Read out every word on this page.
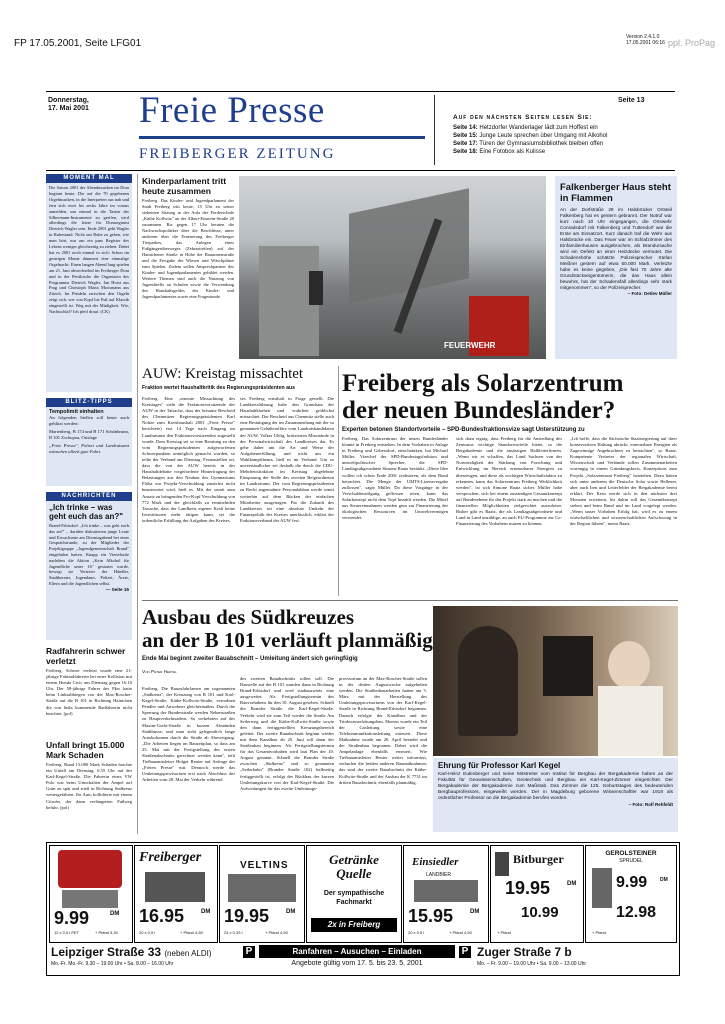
FP 17.05.2001, Seite LFG01
Version 2.4.1.0
17.05.2001 06:16 ppl. ProPag
Donnerstag,
17. Mai 2001 Freie Presse
FREIBERGER ZEITUNG
Seite 13
Auf den nächsten Seiten lesen Sie:
Seite 14: Hetzdorfer Wanderlager lädt zum Hoffest ein
Seite 15: Junge Leute sprechen über Umgang mit Alkohol
Seite 17: Türen der Gymnasiumsbibliothek bleiben offen
Seite 18: Eine Fotobox als Kulisse
MOMENT MAL
Die Saison 2001 der Abendmusiken im Dom beginnt heute. Die auf die 70 gegebenen Orgelmusiken, in die Interpreten aus nah und fern sich zwei bis sechs Jahre im voraus anmelden, um einmal in die Tasten der Silbermann-Instrumente zu greifen, wird allerdings die letzte für Domorganist Dietrich Wagler sein. Ende 2001 geht Wagler in Ruhestand. Nicht um Ruhe zu geben, wie man hört, nur um ein paar Register des Lebens weniger gleichzeitig zu ziehen. Dabei hat es 2001 noch einmal in sich: Schon im gestrigen Monat dämmert eine einmalige Orgelnacht: Einen langen Abend lang spielen am 21. Juni abwechselnd im Freiberger Dom und in der Petrikirche die Organisten des Programms Dietrich Wagler, Jan Horst aus Prag und Christoph Maria Moosmann aus Zürich. Im Pendeln zwischen den Orgeln zeigt sich, wer von Kopf bis Fuß auf Klassik eingestellt ist. Weg mit der Müdigkeit. Wie, Nachtschlaf? Ich pfeif drauf. (CK)
BLITZ-TIPPS
Tempolimit einhalten
An folgenden Stellen soll heute auch geblitzt werden:
Marienberg, B 174 und B 171 Schönbrunn, B 101 Zschopau, Ortslage
„Freie Presse", Polizei und Landratsamt wünschen allzeit gute Fahrt.
NACHRICHTEN
„Ich trinke – was geht euch das an?"
Brand-Erbisdorf. „Ich trinke – was geht euch das an?" – darüber diskutierten junge Leute und Erwachsene am Dienstagabend bei einer Gesprächsrunde, zu der Mitglieder der Projektgruppe „Jugendgemeinschaft Brand" eingeladen hatten. Knapp ein Viertelseite nachdem die Aktion „Kein Alkohol für Jugendliche unter 16" gestartet wurde, bewegt sie Vertreter der Händler, Stadtberater, Jugendamt, Polizei, Ärzte, Eltern und die Jugendlichen selbst.
— Seite 15
Radfahrerin schwer verletzt
Freiberg. Schwer verletzt wurde eine 21-jährige Fahrradfahrerin bei einer Kollision mit einem Honda Civic am Dienstag gegen 16.10 Uhr. Der 58-jährige Fahrer des Pkw hatte beim Linksabbiegen von der Max-Roscher-Straße auf die B 101 in Richtung Hainichen die von links kommende Radfahrerin nicht beachtet. (pol)
Unfall bringt 15.000 Mark Schaden
Freiberg. Rund 15.000 Mark Schaden brachte ein Unfall am Dienstag, 6.55 Uhr auf der Karl-Kegel-Straße. Die Fahrerin eines VW Polo war beim Umschalten der Ampel auf Grün zu spät und stieß in Richtung Südkreuz weitergefahren. Ihr Auto kollidierte mit einem Citroën, der dann verlängerten Fußweg befuhr. (pol)
Kinderparlament tritt heute zusammen
Freiberg. Das Kinder- und Jugendparlament der Stadt Freiberg tritt heute, 15 Uhr zu seiner siebenten Sitzung in der Aula der Förderschule „Käthe Kollwitz" an der Albert-Einstein-Straße 20 zusammen. Bis gegen 17 Uhr beraten die Nachwuchspolitiker über die Beschlüsse, unter anderem über die Erneuerung des Freiberger Tierparkes, das Anlegen eines Fußgängerüberweges (Zebrastreifen) auf der Hainichener Straße in Höhe der Bauarmenstraße und die Freigabe der Wiesen und Wäschplätze zum Spielen. Zudem sollen Ansprechpartner des Kinder- und Jugendparlamentes gebildet werden. Weitere Themen sind auch die Nutzung von Jugendtreffs an Schulen sowie die Verwendung des Haushaltsgeldes des Kinder- und Jugendparlamentes sowie eine Fragestunde.
FEUERWEHR
Falkenberger Haus steht in Flammen
An der Dorfstraße 28 im Halsbrücker Ortsteil Falkenberg hat es gestern gebrannt. Der Notruf war kurz nach 10 Uhr eingegangen, die Ortswehr Conradsdorf mit Falkenberg und Tuttendorf war die Erste am Einsatzort. Kurz danach traf die Wehr aus Halsbrücke ein. Das Feuer war im Schlafzimmer des Einfamilienhauses ausgebrochen, als Brandursache wird ein Defekt an einer Heizdecke vermutet. Die Schadenshöhe schätzte Polizeisprecher Stefan Meißner gestern auf etwa 50.000 Mark. Verletzte habe es keine gegeben, „Die fast 70 Jahre alte Grundstückseigentümerin, die das Haus allein bewohnt, hat der Schadensfall allerdings sehr stark mitgenommen", so der Polizeisprecher.
– Foto: Detlev Müller
AUW: Kreistag missachtet
Fraktion wertet Haushaltkritik des Regierungspräsidenten aus
Freiberg. Eine „erneute Missachtung des Kreistages" sieht die Fraktionsvorsitzende der AUW in der Tatsache, dass der brisante Bescheid des Chemnitzer Regierungspräsidenten Karl Noltze zum Kreishaushalt 2001 „Freie Presse" berichtete) erst 14 Tage nach Eingang im Landratsamt den Fraktionsvorsitzenden zugestellt wurde. Dem Kreistag sei so eine Beratung zu den vom Regierungspräsidenten aufgeworfenen Schwerpunkten unmöglich gemacht worden, so teilte der Verband am Dienstag. Festzustellen sei, dass die von der AUW bereits in der Haushaltdebatte vorgeforderte Hinterfragung der Belastungen aus den Neubau des Gymnasiums Flöha zur Projekt-Verschuldung zunächst nicht beantwortet wird, hieß es. Mit der somit zum Ansatz zu bringenden Pro-Kopf Verschuldung von 772 Mark und der gleichfalls zu ermittelnden Tatsache, dass der Landkreis eigener Kraft keine Investitionen mehr tätigen kann, sei die ordentliche Erfüllung der Aufgaben des Kreises
ses Freiberg ernsthaft in Frage gestellt. Die Landkreisführung habe den Grundsatz der Haushaltklarheit und -wahrheit gröblichst missachtet. Der Bescheid aus Chemnitz stelle auch eine Bestätigung der im Zusammenhang mit der so genannten Gehälteraffäre vom Landratskandidaten der AUW, Volker Uhlig, kritisierten Missstände in der Personalwirtschaft des Landkreises dar. Es gehe daher um die Art und Weise der Aufgabenerfüllung, und nicht um ein Wahlkampfthema, hieß es im Verband. Um so unverständlicher sei deshalb die durch die CDU-Mehrheitsfraktion im Kreistag abgelehnte Einsparung der Stelle des zweiten Beigeordneten im Landratsamt. Der vom Regierungspräsidenten zu Recht angemahnte Personalabbau werde somit weiterhin auf dem Rücken der einfachen Mitarbeiter ausgetragen. Für die Zukunft des Landkreises sei eine absolute Umkehr der Finanzpolitik des Kreises unerlässlich, erklärt der Fraktionsverband der AUW fest.
Freiberg als Solarzentrum
der neuen Bundesländer?
Experten betonen Standortvorteile – SPD-Bundesfraktionsvize sagt Unterstützung zu
Freiberg. Das Solarzentrum der neuen Bundesländer könnte in Freiberg entstehen. In dem Vorhaben in Anlage in Freiberg und Gebersdorf, einschränken, hat Michael Müller, Vizechef der SPD-Bundestagsfraktion und umweltpolitischer Sprecher, die SPD-Landtagsabgeordnete Simone Raatz bestärkt. „Diese Idee wollen ich schon Ende 2001 realisieren, als dem Bund betrachtet. Die Menge der UMTS-Lizenzvergabe zuflossen", sagte Müller. Da diese Vorgänge in der Verschuldenstilgung geflossen seien, kann das Solarkonzept nicht dem Topf bezahlt werden. Die Mittel aus Steuereinnahmen werden gern zur Finanzierung der ökologischen Ressourcen im Umweltvermögen verwendet.
sich dazu eignig, dass Freiberg für die Ansiedlung des Zentrums wichtige Standortvorteile bietet, so die Bergakademie und die ansässigen Halbleiterfirmen. „Wenn wir es schaffen, das Land Sachsen von der Notwendigkeit der Stärkung von Forschung und Entwicklung im Bereich erneuerbarer Energien zu überzeugen, und diese als wichtigen Wirtschaftsfaktor zu erkennen, kann das Solarzentrum Freiberg Wirklichkeit werden", ist sich Simone Raatz sicher. Müller habe versprochen, sich bei einem zuständigen Gesamtkonzept auf Bundesebene für das Projekt stark zu machen und die finanziellen Möglichkeiten zielgerichtet auszuloten. Bisher gibt es Raatz, die als Landtagsabgeordnete und Land in Land unzählige, an auch EU-Programme zur Co-Finanzierung des Vorhabens nutzen zu können.
„Ich hoffe, dass die Sächsische Staatsregierung auf ihrer konservativen Haltung abrückt, erneuerbare Energien als Zugewinnige Angebrachten zu betrachten", so Raatz. Kompetente Vertreter der regionalen Wirtschaft, Wissenschaft und Verbände sollen Zusammenarbeiten vorrangig in einem Gründungskreis, Konzeptions zum Projekt „Solarzentrum Freiberg" beiziehen. Dazu hätten sich unter anderem die Deutsche Solar sowie Hellener, aber auch Iren und Leiterfelder der Bergakademie bereit erklärt. Der Kern werde sich in den nächsten drei Monaten erweitern, bis dahin soll das Gesamtkonzept stehen und beim Bund und im Land vorgelegt werden. „Wenn unser Vorhaben Erfolg hat, wird es zu einem wirtschaftlichen und wissenschaftlichen Aufschwung in der Region führen", meint Raatz.
Ausbau des Südkreuzes
an der B 101 verläuft planmäßig
Ende Mai beginnt zweiter Bauabschnitt – Umleitung ändert sich geringfügig
Von Peter Hertel
Freiberg. Die Bauzufahrlamen am sogenannten „Südkreuz", der Kreuzung von B 101 und Karl-Kegel-Straße, Käthe-Kollwitz-Straße, verordnen Pendler und Anwohner gleichermaßen. Durch die Sperrung der Bundesstraße werden Nebenstraßen zu Hauptverkehrsadern. So verkehrten auf der Maxim-Gorki-Straße in kurzen Abständen Stadtbusse, und man sieht gelegentlich lange Autokolonnen durch die Straße ab Abzweigung. „Die Arbeiten liegen im Bauzeitplan, so dass am 25. Mai mit der Fertigstellung des ersten Straßenabschnitts gerechnet werden kann", teilt Tiefbauamtsleiter Holger Reuter auf Anfrage der „Freien Presse" mit. Dennoch werde das Umleitungsprovisorium erst nach Abschluss der Arbeiten vom 28. Mai der Verkehr während
des zweiten Bauabschnitts rollen soll. Die Baustelle auf der B 101 wandert dann in Richtung Brand-Erbisdorf und wird stadtauswärts eine ausgeweitet. Als Fertigstellungstermin des Bauvorhabens für den 10. August gesehen. Schnell die Brander Straße, die Karl-Kegel-Straße. Verkehr wird sie zum Teil wieder die Straße Am Seilerweg und die Käthe-Kollwitz-Straße sowie den dann fertiggestellten Kreuzungsbereich geleitet. Der zweite Bauabschnitt beginnt wieder mit dem Kanalbau ab 25. Juni soll dann der Straßenbau beginnen. Als Fertigstellungstermin für das Gesamtvorhaben wird laut Plan der 10. August genannt. Schnell die Brander Straße zwischen „Südkreuz" und so genannten „Seilerbahn" (Brander Straße 102) halbseitig fertiggestellt ist, erfolgt der Rückbau der kurzen Umleitungskurve von der Karl-Kegel-Straße. Die Aufweitungen für das zweite Umleitungs-
provisorium an der Max-Roscher-Straße sollen in der dritten Augustwoche aufgehoben werden. Die Straßenbauarbeiten hatten am 5. März mit der Herstellung des Umleitungsprovisoriums von der Karl-Kegel-Straße in Richtung Brand-Erbisdorf begonnen. Danach erfolgte der Kanalbau und der Trinkwasserleitungsbau. Ebenso wurde ein Teil der Gasleitung sowie eine Telekommunikationsleitung erneuert. Diese Maßnahme wurde am 20. April beendet und der Straßenbau begonnen. Dabei wird die Ampelanlage ebenfalls erneuert. Wie Tiefbauamtsleiter Reuter weiter informiert, verlaufen die beiden anderen Baumaßnahmen, das sind der zweite Bauabschnitt der Käthe-Kollwitz-Straße und der Ausbau der K 7731 im dritten Bauabschnitt, ebenfalls planmäßig.
Ehrung für Professor Karl Kegel
Karl-Heinz Eulenberger und seine Mitstreiter vom Institut für Bergbau der Bergakademie haben an der Fakultät für Geowissenschaften, Geotechnik und Bergbau ein Karl-Kegel-Zimmer eingerichtet. Der Bergakademie der Bergakademie zum Maßstab. Das Zimmer die 125. Geburtstages des bedeutenden Bergbauprofessors, eingeweiht werden. Der in Magdeburg geborene Wissenschaftler war 1918 als ordentlicher Professor an die Bergakademie berufen worden.
– Foto: Rolf Rehfeldt
9.99	DM
12 x 0,5 l PET	+ Pfand 3,30
Freiberger
16.95	DM
20 x 0,5 l	+ Pfand 4,50
VELTINS
19.95	DM
24 x 0,33 l	+ Pfand 4,50
Getränke
Quelle
Der sympathische
Fachmarkt
2x in Freiberg
Einsiedler
LANDBIER
15.95	DM
20 x 0,5 l	+ Pfand 4,50
Bitburger
19.95	DM
10.99
+ Pfand
GEROLSTEINER
SPRUDEL
9.99	DM
12.98
+ Pfand
Leipziger Straße 33 (neben ALDI)
Mo.-Fr. Mo.-Fr. 9.30 – 19.00 Uhr • Sa. 8.00 – 16.00 Uhr
P	Ranfahren – Ausuchen – Einladen	P
Angebote gültig vom 17. 5. bis 23. 5. 2001
Zuger Straße 7 b
Mo. – Fr. 9.00 – 19.00 Uhr • Sa. 9.00 – 13.00 Uhr
